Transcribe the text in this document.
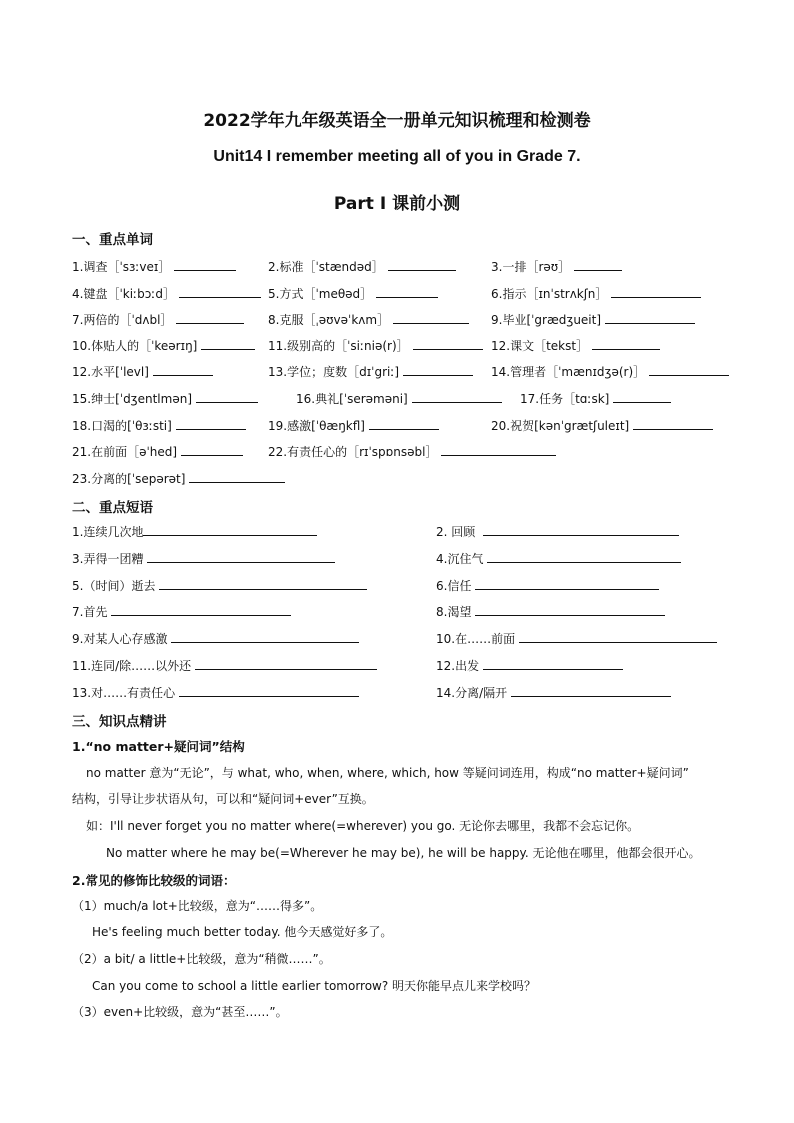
2022学年九年级英语全一册单元知识梳理和检测卷
Unit14 I remember meeting all of you in Grade 7.
Part I 课前小测
一、重点单词
1.调查［ˈsɜːveɪ］	2.标准［ˈstændəd］	3.一排［rəʊ］
4.键盘［ˈkiːbɔːd］	5.方式［ˈmeθəd］	6.指示［ɪnˈstrʌkʃn］
7.两倍的［ˈdʌbl］	8.克服［ˌəʊvəˈkʌm］	9.毕业[ˈgrædʒueit]
10.体贴人的［ˈkeərɪŋ]	11.级别高的［ˈsiːniə(r)］	12.课文［tekst］
12.水平[ˈlevl]	13.学位；度数［dɪˈgriː]	14.管理者［ˈmænɪdʒə(r)］
15.绅士[ˈdʒentlmən]	16.典礼[ˈserəməni]	17.任务［tɑːsk]
18.口渴的[ˈθɜːsti]	19.感激[ˈθæŋkfl]	20.祝贺[kənˈgrætʃuleɪt]
21.在前面［əˈhed]	22.有责任心的［rɪˈspɒnsəbl］
23.分离的[ˈsepərət]
二、重点短语
1.连续几次地	2. 回顾
3.弄得一团糟	4.沉住气
5.（时间）逝去	6.信任
7.首先	8.渴望
9.对某人心存感激	10.在……前面
11.连同/除……以外还	12.出发
13.对……有责任心	14.分离/隔开
三、知识点精讲
1.“no matter+疑问词”结构
no matter 意为“无论”，与 what, who, when, where, which, how 等疑问词连用，构成“no matter+疑问词”
结构，引导让步状语从句，可以和“疑问词+ever”互换。
如：I'll never forget you no matter where(=wherever) you go. 无论你去哪里，我都不会忘记你。
No matter where he may be(=Wherever he may be), he will be happy. 无论他在哪里，他都会很开心。
2.常见的修饰比较级的词语：
（1）much/a lot+比较级，意为“……得多”。
He's feeling much better today. 他今天感觉好多了。
（2）a bit/ a little+比较级，意为“稍微……”。
Can you come to school a little earlier tomorrow? 明天你能早点儿来学校吗？
（3）even+比较级，意为“甚至……”。
